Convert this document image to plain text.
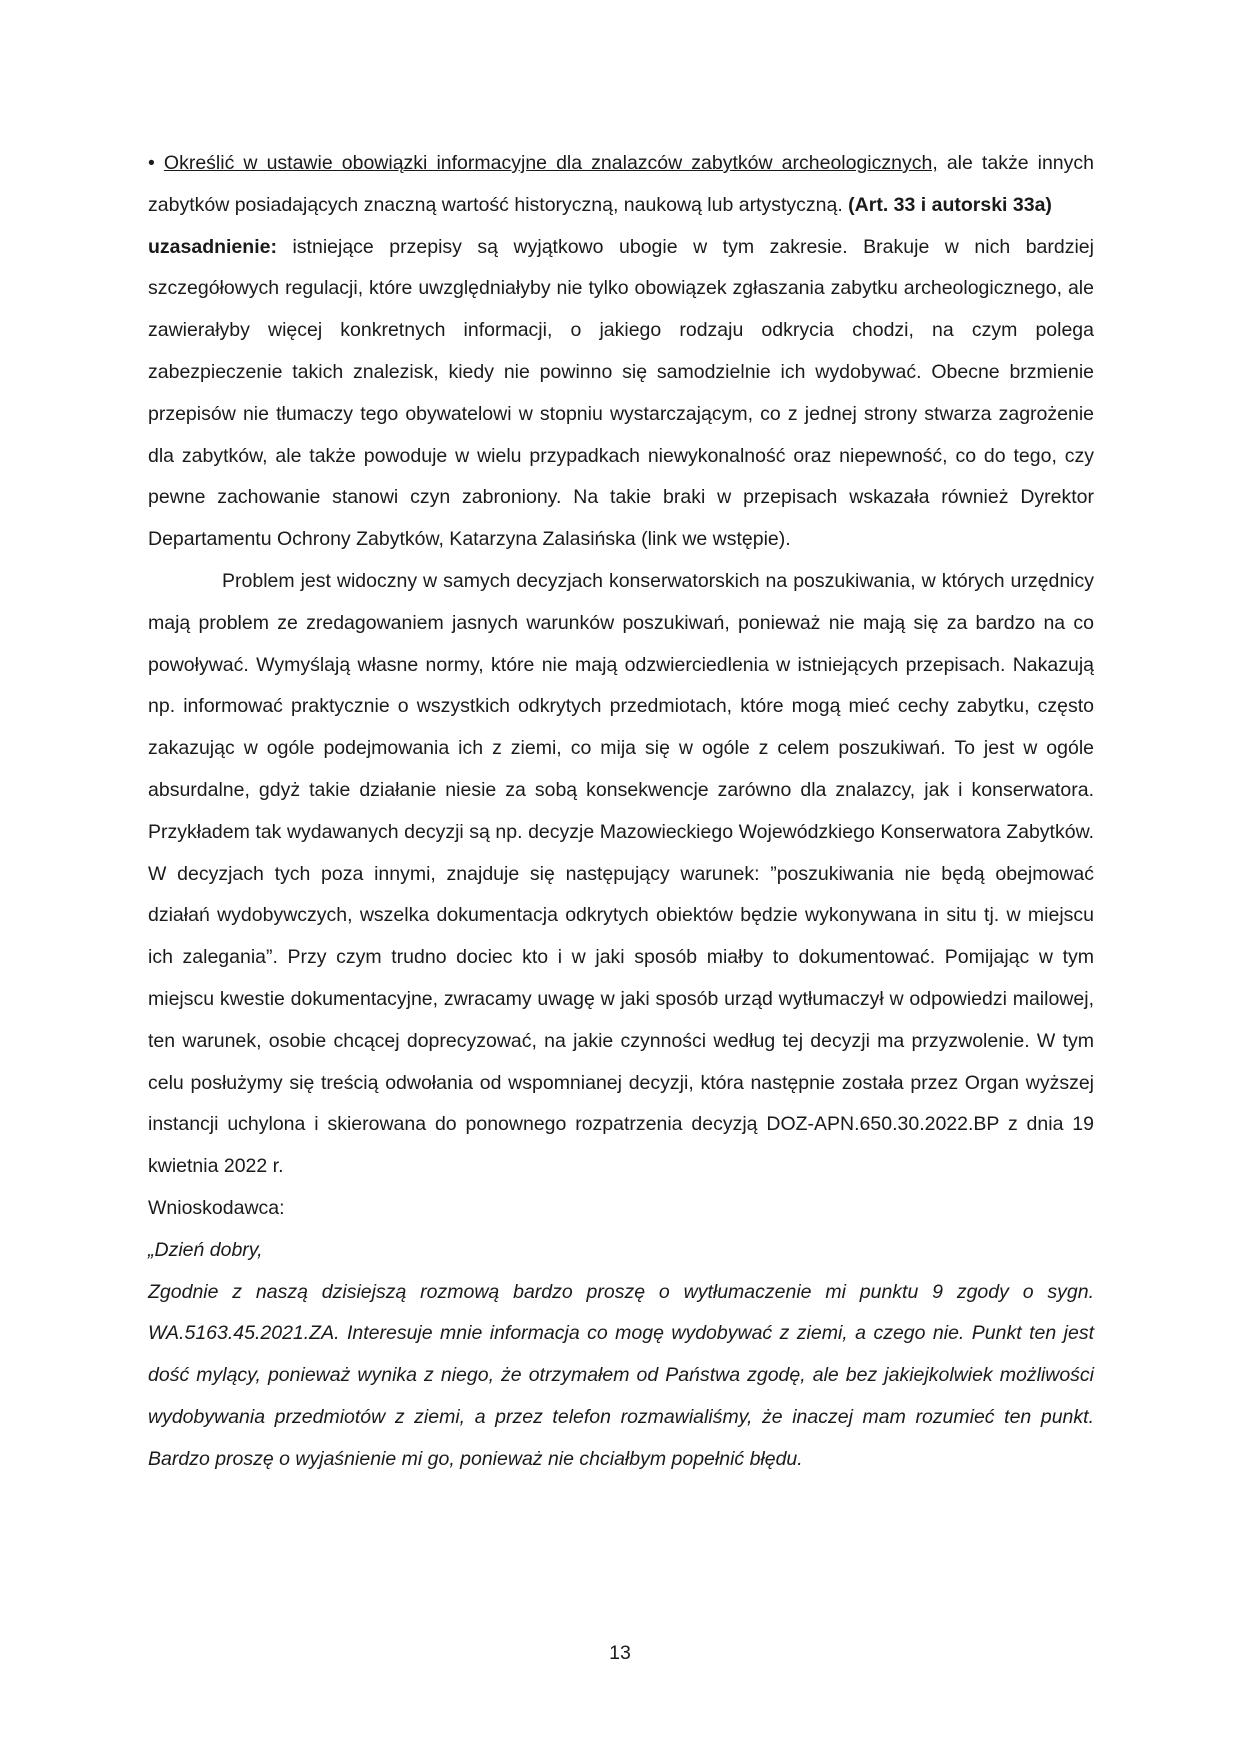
• Określić w ustawie obowiązki informacyjne dla znalazców zabytków archeologicznych, ale także innych zabytków posiadających znaczną wartość historyczną, naukową lub artystyczną. (Art. 33 i autorski 33a)

uzasadnienie: istniejące przepisy są wyjątkowo ubogie w tym zakresie. Brakuje w nich bardziej szczegółowych regulacji, które uwzględniałyby nie tylko obowiązek zgłaszania zabytku archeologicznego, ale zawierałyby więcej konkretnych informacji, o jakiego rodzaju odkrycia chodzi, na czym polega zabezpieczenie takich znalezisk, kiedy nie powinno się samodzielnie ich wydobywać. Obecne brzmienie przepisów nie tłumaczy tego obywatelowi w stopniu wystarczającym, co z jednej strony stwarza zagrożenie dla zabytków, ale także powoduje w wielu przypadkach niewykonalność oraz niepewność, co do tego, czy pewne zachowanie stanowi czyn zabroniony. Na takie braki w przepisach wskazała również Dyrektor Departamentu Ochrony Zabytków, Katarzyna Zalasińska (link we wstępie).

Problem jest widoczny w samych decyzjach konserwatorskich na poszukiwania, w których urzędnicy mają problem ze zredagowaniem jasnych warunków poszukiwań, ponieważ nie mają się za bardzo na co powoływać. Wymyślają własne normy, które nie mają odzwierciedlenia w istniejących przepisach. Nakazują np. informować praktycznie o wszystkich odkrytych przedmiotach, które mogą mieć cechy zabytku, często zakazując w ogóle podejmowania ich z ziemi, co mija się w ogóle z celem poszukiwań. To jest w ogóle absurdalne, gdyż takie działanie niesie za sobą konsekwencje zarówno dla znalazcy, jak i konserwatora. Przykładem tak wydawanych decyzji są np. decyzje Mazowieckiego Wojewódzkiego Konserwatora Zabytków. W decyzjach tych poza innymi, znajduje się następujący warunek: ”poszukiwania nie będą obejmować działań wydobywczych, wszelka dokumentacja odkrytych obiektów będzie wykonywana in situ tj. w miejscu ich zalegania”. Przy czym trudno dociec kto i w jaki sposób miałby to dokumentować. Pomijając w tym miejscu kwestie dokumentacyjne, zwracamy uwagę w jaki sposób urząd wytłumaczył w odpowiedzi mailowej, ten warunek, osobie chcącej doprecyzować, na jakie czynności według tej decyzji ma przyzwolenie. W tym celu posłużymy się treścią odwołania od wspomnianej decyzji, która następnie została przez Organ wyższej instancji uchylona i skierowana do ponownego rozpatrzenia decyzją DOZ-APN.650.30.2022.BP z dnia 19 kwietnia 2022 r.

Wnioskodawca:

„Dzień dobry,

Zgodnie z naszą dzisiejszą rozmową bardzo proszę o wytłumaczenie mi punktu 9 zgody o sygn. WA.5163.45.2021.ZA. Interesuje mnie informacja co mogę wydobywać z ziemi, a czego nie. Punkt ten jest dość mylący, ponieważ wynika z niego, że otrzymałem od Państwa zgodę, ale bez jakiejkolwiek możliwości wydobywania przedmiotów z ziemi, a przez telefon rozmawialiśmy, że inaczej mam rozumieć ten punkt. Bardzo proszę o wyjaśnienie mi go, ponieważ nie chciałbym popełnić błędu.

13
